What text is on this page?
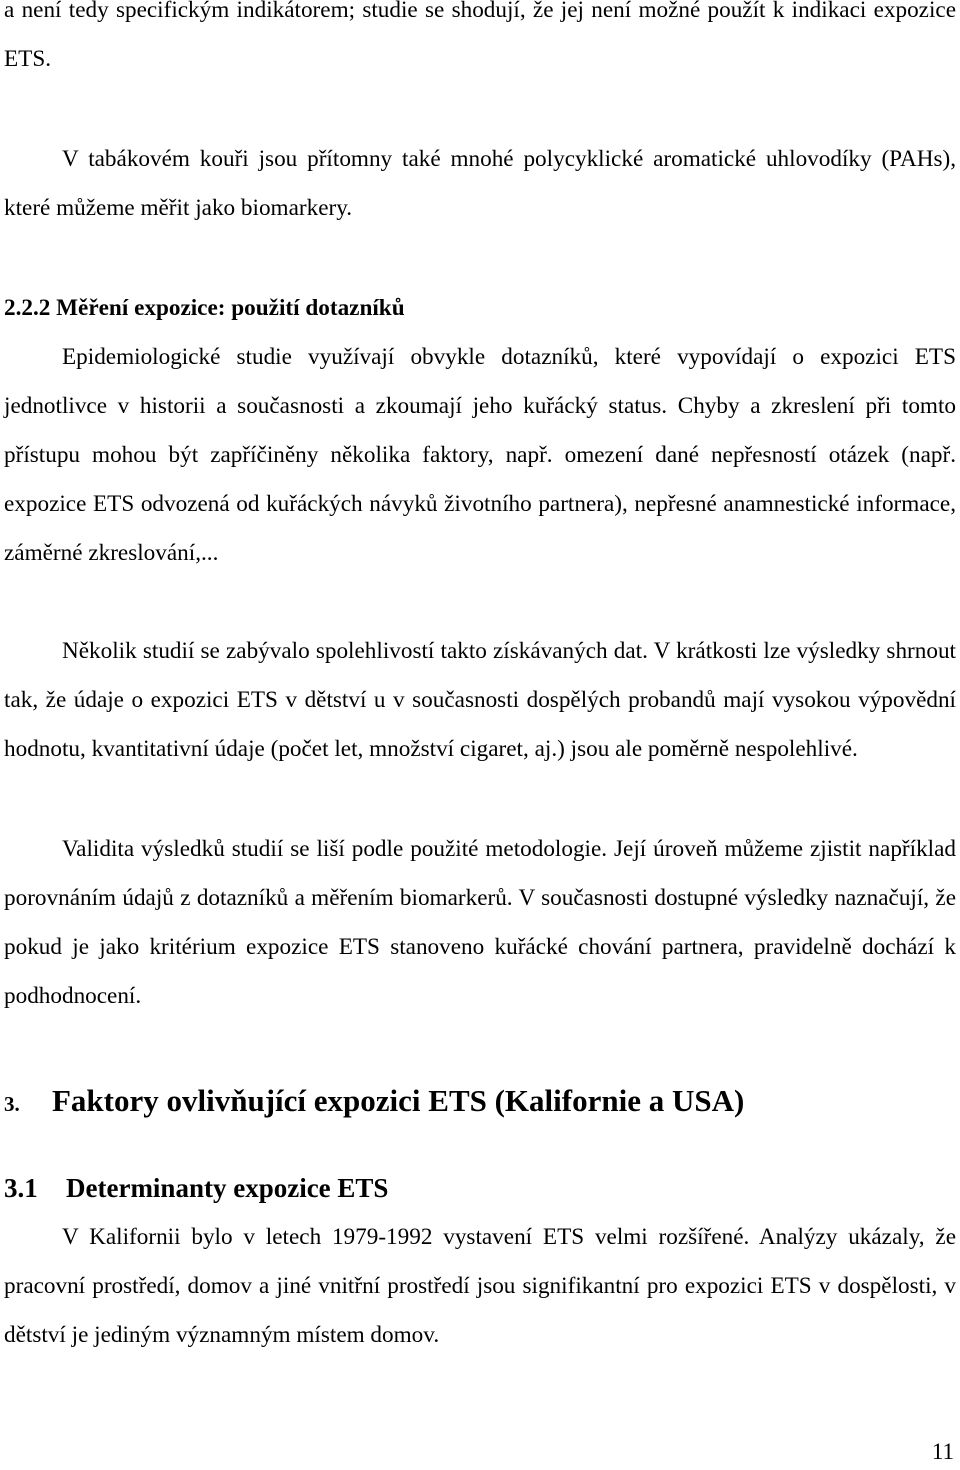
a není tedy specifickým indikátorem; studie se shodují, že jej není možné použít k indikaci expozice ETS.

V tabákovém kouři jsou přítomny také mnohé polycyklické aromatické uhlovodíky (PAHs), které můžeme měřit jako biomarkery.

2.2.2 Měření expozice: použití dotazníků

Epidemiologické studie využívají obvykle dotazníků, které vypovídají o expozici ETS jednotlivce v historii a současnosti a zkoumají jeho kuřácký status. Chyby a zkreslení při tomto přístupu mohou být zapříčiněny několika faktory, např. omezení dané nepřesností otázek (např. expozice ETS odvozená od kuřáckých návyků životního partnera), nepřesné anamnestické informace, záměrné zkreslování,...

Několik studií se zabývalo spolehlivostí takto získávaných dat. V krátkosti lze výsledky shrnout tak, že údaje o expozici ETS v dětství u v současnosti dospělých probandů mají vysokou výpovědní hodnotu, kvantitativní údaje (počet let, množství cigaret, aj.) jsou ale poměrně nespolehlivé.

Validita výsledků studií se liší podle použité metodologie. Její úroveň můžeme zjistit například porovnáním údajů z dotazníků a měřením biomarkerů. V současnosti dostupné výsledky naznačují, že pokud je jako kritérium expozice ETS stanoveno kuřácké chování partnera, pravidelně dochází k podhodnocení.

3. Faktory ovlivňující expozici ETS (Kalifornie a USA)
3.1 Determinanty expozice ETS

V Kalifornii bylo v letech 1979-1992 vystavení ETS velmi rozšířené. Analýzy ukázaly, že pracovní prostředí, domov a jiné vnitřní prostředí jsou signifikantní pro expozici ETS v dospělosti, v dětství je jediným významným místem domov.

11
